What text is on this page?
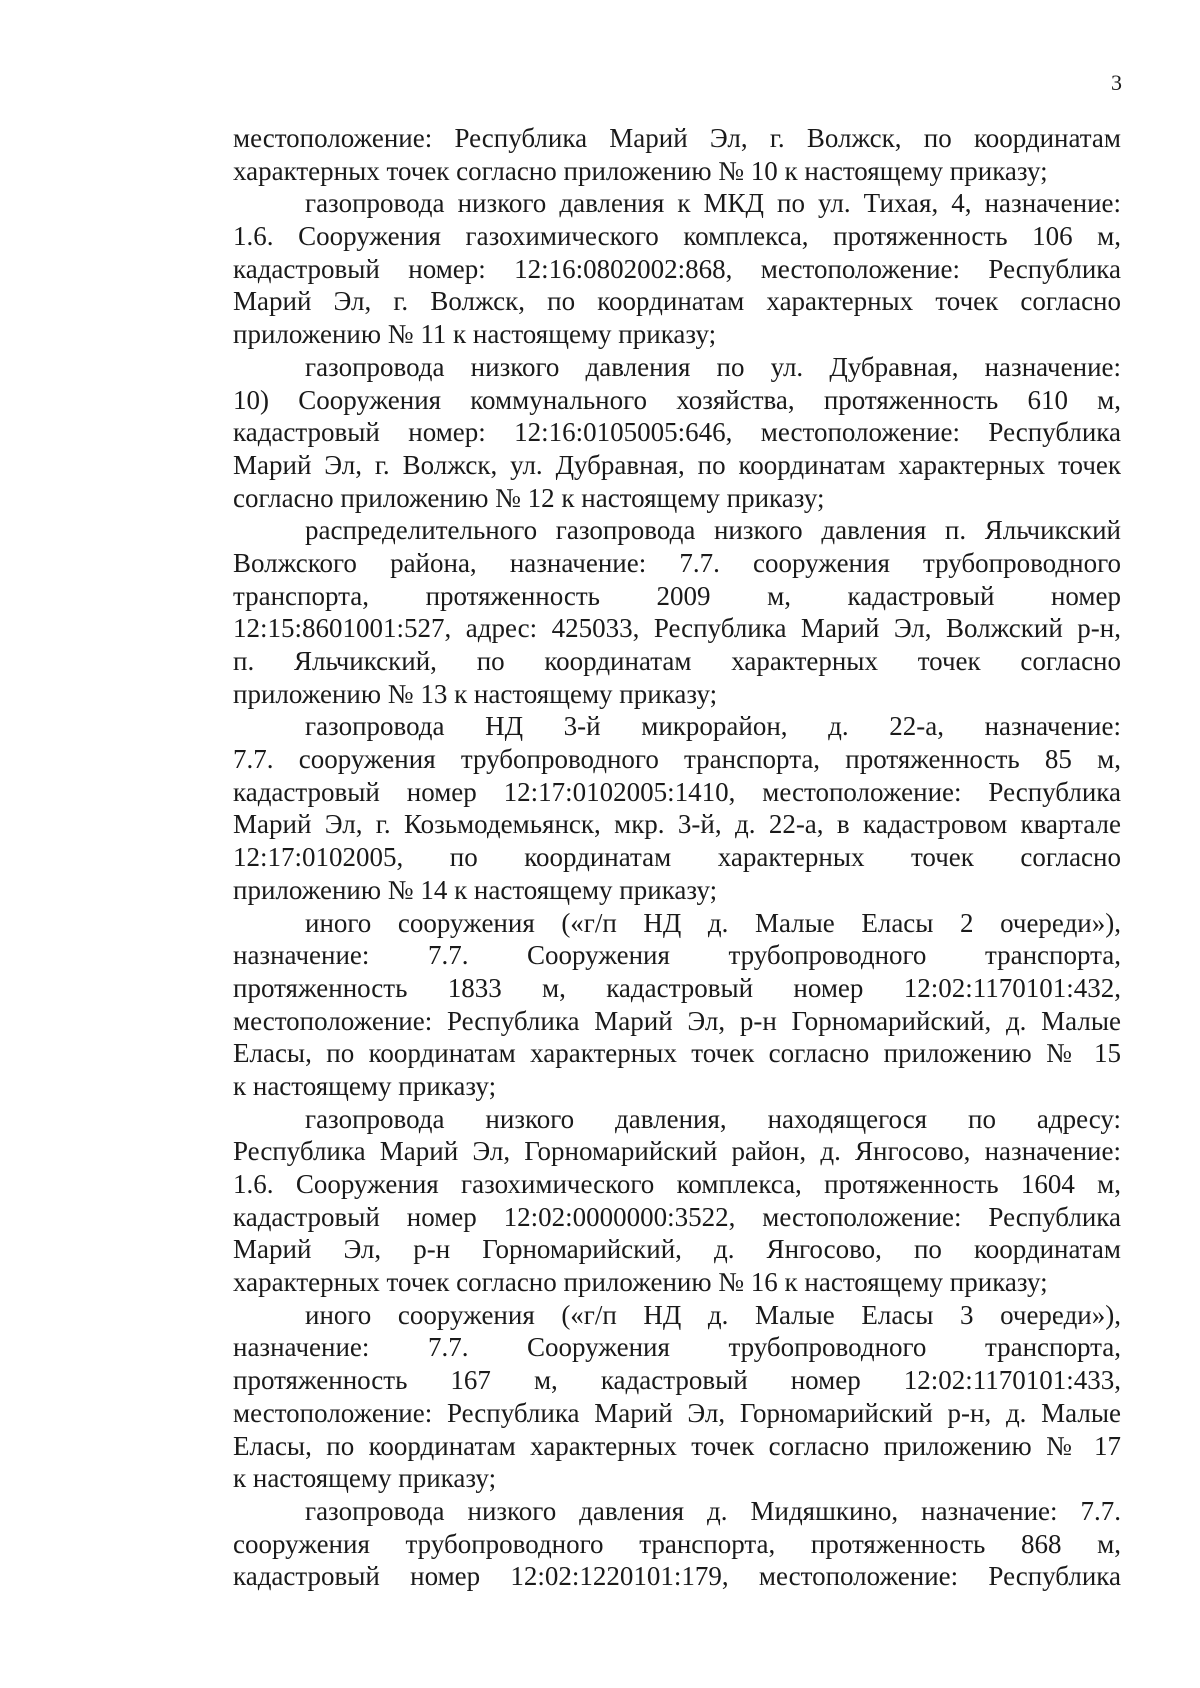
3
местоположение: Республика Марий Эл, г. Волжск, по координатам
характерных точек согласно приложению № 10 к настоящему приказу;
газопровода низкого давления к МКД по ул. Тихая, 4, назначение:
1.6. Сооружения газохимического комплекса, протяженность 106 м,
кадастровый номер: 12:16:0802002:868, местоположение: Республика
Марий Эл, г. Волжск, по координатам характерных точек согласно
приложению № 11 к настоящему приказу;
газопровода низкого давления по ул. Дубравная, назначение:
10) Сооружения коммунального хозяйства, протяженность 610 м,
кадастровый номер: 12:16:0105005:646, местоположение: Республика
Марий Эл, г. Волжск, ул. Дубравная, по координатам характерных точек
согласно приложению № 12 к настоящему приказу;
распределительного газопровода низкого давления п. Яльчикский
Волжского района, назначение: 7.7. сооружения трубопроводного
транспорта, протяженность 2009 м, кадастровый номер
12:15:8601001:527, адрес: 425033, Республика Марий Эл, Волжский р-н,
п. Яльчикский, по координатам характерных точек согласно
приложению № 13 к настоящему приказу;
газопровода НД 3-й микрорайон, д. 22-а, назначение:
7.7. сооружения трубопроводного транспорта, протяженность 85 м,
кадастровый номер 12:17:0102005:1410, местоположение: Республика
Марий Эл, г. Козьмодемьянск, мкр. 3-й, д. 22-а, в кадастровом квартале
12:17:0102005, по координатам характерных точек согласно
приложению № 14 к настоящему приказу;
иного сооружения («г/п НД д. Малые Еласы 2 очереди»),
назначение: 7.7. Сооружения трубопроводного транспорта,
протяженность 1833 м, кадастровый номер 12:02:1170101:432,
местоположение: Республика Марий Эл, р-н Горномарийский, д. Малые
Еласы, по координатам характерных точек согласно приложению № 15
к настоящему приказу;
газопровода низкого давления, находящегося по адресу:
Республика Марий Эл, Горномарийский район, д. Янгосово, назначение:
1.6. Сооружения газохимического комплекса, протяженность 1604 м,
кадастровый номер 12:02:0000000:3522, местоположение: Республика
Марий Эл, р-н Горномарийский, д. Янгосово, по координатам
характерных точек согласно приложению № 16 к настоящему приказу;
иного сооружения («г/п НД д. Малые Еласы 3 очереди»),
назначение: 7.7. Сооружения трубопроводного транспорта,
протяженность 167 м, кадастровый номер 12:02:1170101:433,
местоположение: Республика Марий Эл, Горномарийский р-н, д. Малые
Еласы, по координатам характерных точек согласно приложению № 17
к настоящему приказу;
газопровода низкого давления д. Мидяшкино, назначение: 7.7.
сооружения трубопроводного транспорта, протяженность 868 м,
кадастровый номер 12:02:1220101:179, местоположение: Республика
